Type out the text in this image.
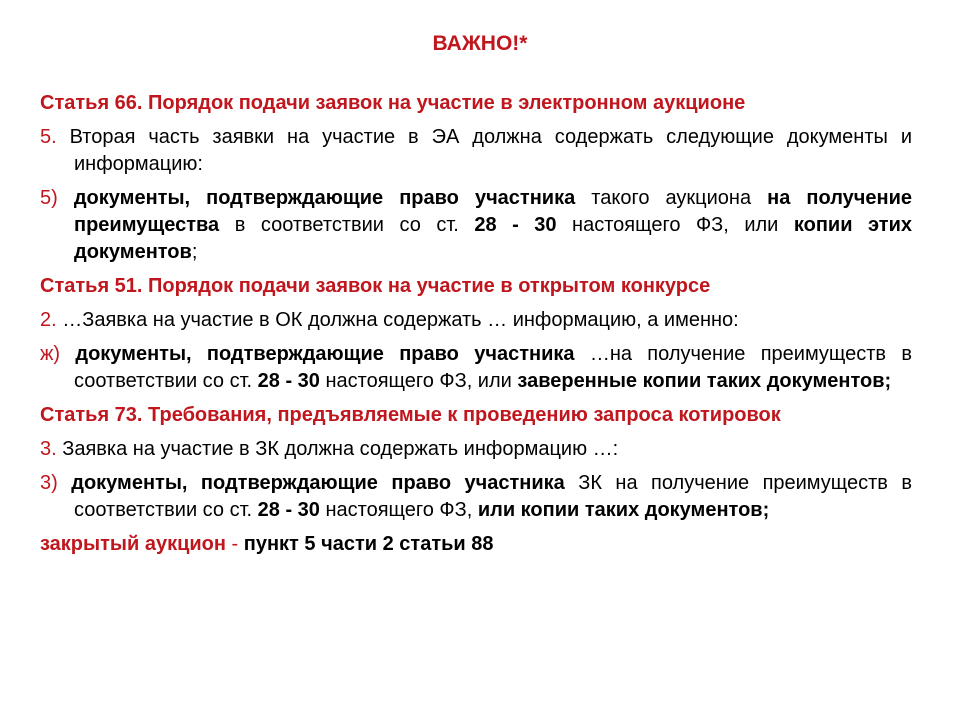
ВАЖНО!*

Статья 66. Порядок подачи заявок на участие в электронном аукционе

5. Вторая часть заявки на участие в ЭА должна содержать следующие документы и информацию:

5) документы, подтверждающие право участника такого аукциона на получение преимущества в соответствии со ст. 28 - 30 настоящего ФЗ, или копии этих документов;

Статья 51. Порядок подачи заявок на участие в открытом конкурсе

2. …Заявка на участие в ОК должна содержать … информацию, а именно:

ж) документы, подтверждающие право участника …на получение преимуществ в соответствии со ст. 28 - 30 настоящего ФЗ, или заверенные копии таких документов;

Статья 73. Требования, предъявляемые к проведению запроса котировок

3. Заявка на участие в ЗК должна содержать информацию …:

3) документы, подтверждающие право участника ЗК на получение преимуществ в соответствии со ст. 28 - 30 настоящего ФЗ, или копии таких документов;

закрытый аукцион - пункт 5 части 2 статьи 88
